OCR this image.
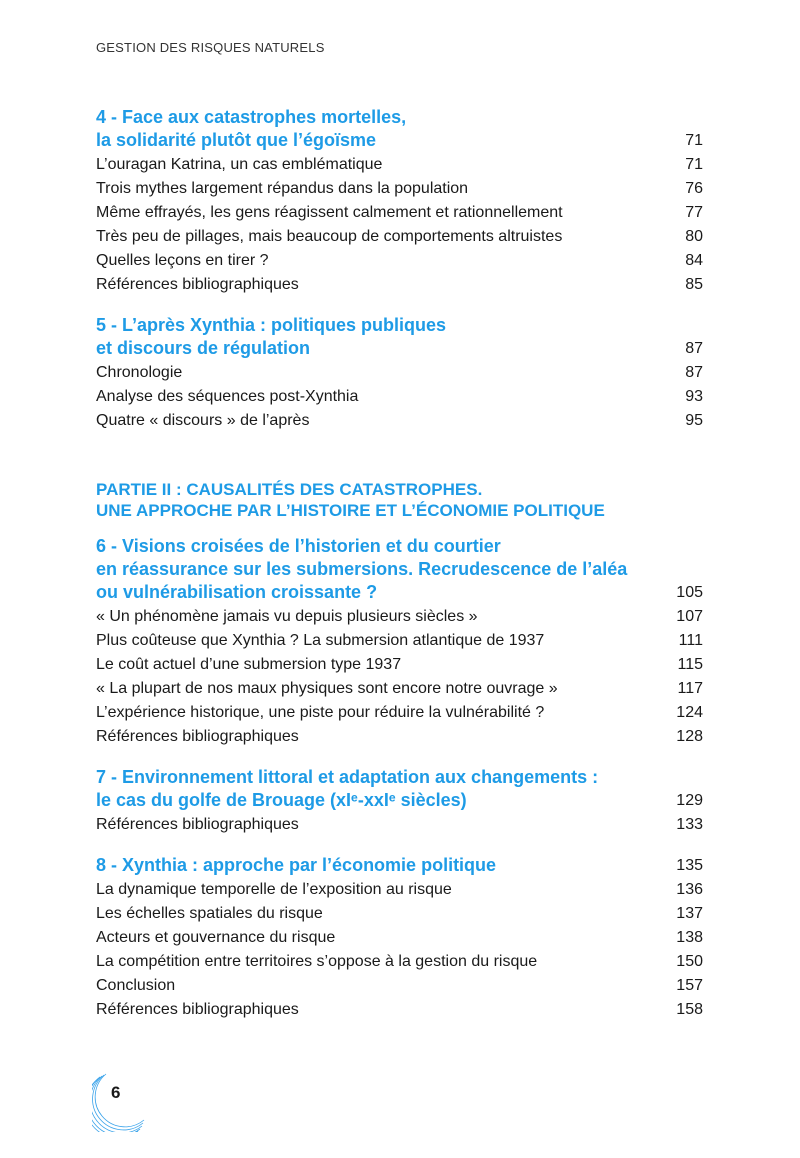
GESTION DES RISQUES NATURELS
4 - Face aux catastrophes mortelles,
la solidarité plutôt que l’égoïsme	71
L’ouragan Katrina, un cas emblématique	71
Trois mythes largement répandus dans la population	76
Même effrayés, les gens réagissent calmement et rationnellement	77
Très peu de pillages, mais beaucoup de comportements altruistes	80
Quelles leçons en tirer ?	84
Références bibliographiques	85
5 - L’après Xynthia : politiques publiques
et discours de régulation	87
Chronologie	87
Analyse des séquences post-Xynthia	93
Quatre « discours » de l’après	95
PARTIE II : CAUSALITÉS DES CATASTROPHES.
UNE APPROCHE PAR L’HISTOIRE ET L’ÉCONOMIE POLITIQUE
6 - Visions croisées de l’historien et du courtier
en réassurance sur les submersions. Recrudescence de l’aléa
ou vulnérabilisation croissante ?	105
« Un phénomène jamais vu depuis plusieurs siècles »	107
Plus coûteuse que Xynthia ? La submersion atlantique de 1937	111
Le coût actuel d’une submersion type 1937	115
« La plupart de nos maux physiques sont encore notre ouvrage »	117
L’expérience historique, une piste pour réduire la vulnérabilité ?	124
Références bibliographiques	128
7 - Environnement littoral et adaptation aux changements :
le cas du golfe de Brouage (xIᵉ-xxIᵉ siècles)	129
Références bibliographiques	133
8 - Xynthia : approche par l’économie politique	135
La dynamique temporelle de l’exposition au risque	136
Les échelles spatiales du risque	137
Acteurs et gouvernance du risque	138
La compétition entre territoires s’oppose à la gestion du risque	150
Conclusion	157
Références bibliographiques	158
6
